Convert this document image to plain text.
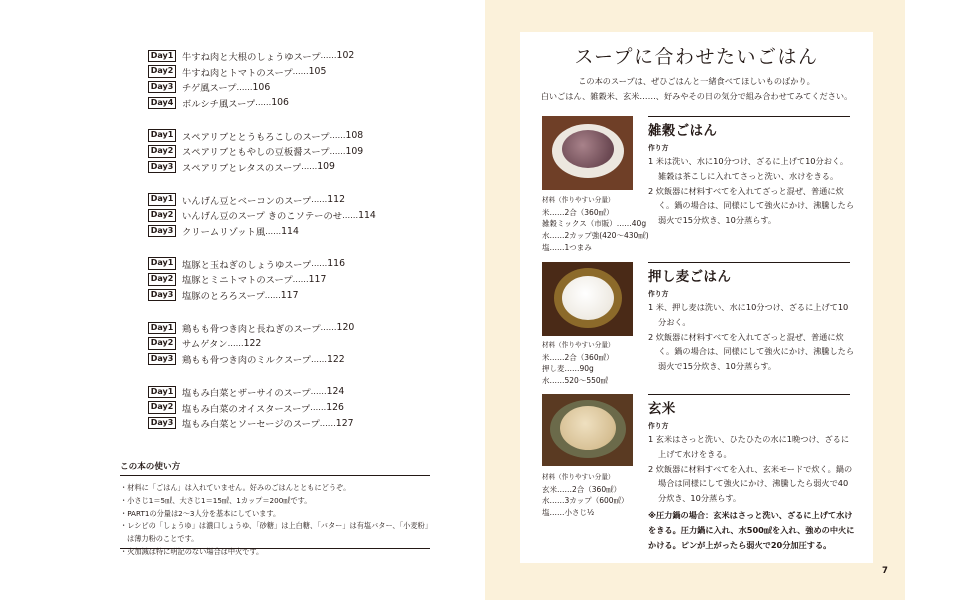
Day1 牛すね肉と大根のしょうゆスープ …… 102
Day2 牛すね肉とトマトのスープ …… 105
Day3 チゲ風スープ …… 106
Day4 ボルシチ風スープ …… 106
Day1 スペアリブととうもろこしのスープ …… 108
Day2 スペアリブともやしの豆板醤スープ …… 109
Day3 スペアリブとレタスのスープ …… 109
Day1 いんげん豆とベーコンのスープ …… 112
Day2 いんげん豆のスープ きのこソテーのせ …… 114
Day3 クリームリゾット風 …… 114
Day1 塩豚と玉ねぎのしょうゆスープ …… 116
Day2 塩豚とミニトマトのスープ …… 117
Day3 塩豚のとろろスープ …… 117
Day1 鶏もも骨つき肉と長ねぎのスープ …… 120
Day2 サムゲタン …… 122
Day3 鶏もも骨つき肉のミルクスープ …… 122
Day1 塩もみ白菜とザーサイのスープ …… 124
Day2 塩もみ白菜のオイスタースープ …… 126
Day3 塩もみ白菜とソーセージのスープ …… 127
この本の使い方
・材料に「ごはん」は入れていません。好みのごはんとともにどうぞ。
・小さじ1＝5㎖、大さじ1＝15㎖、1カップ＝200㎖です。
・PART1の分量は2〜3人分を基本にしています。
・レシピの「しょうゆ」は濃口しょうゆ、「砂糖」は上白糖、「バター」は有塩バター、「小麦粉」は薄力粉のことです。
・火加減は特に明記のない場合は中火です。
スープに合わせたいごはん
この本のスープは、ぜひごはんと一緒食べてほしいものばかり。
白いごはん、雑穀米、玄米……、好みやその日の気分で組み合わせてみてください。
雑穀ごはん
作り方
1 米は洗い、水に10分つけ、ざるに上げて10分おく。雑穀は茶こしに入れてさっと洗い、水けをきる。
2 炊飯器に材料すべてを入れてざっと混ぜ、普通に炊く。鍋の場合は、同様にして強火にかけ、沸騰したら弱火で15分炊き、10分蒸らす。
材料（作りやすい分量）
米……2合（360㎖）
雑穀ミックス（市販）……40g
水……2カップ強(420〜430㎖)
塩……1つまみ
押し麦ごはん
作り方
1 米、押し麦は洗い、水に10分つけ、ざるに上げて10分おく。
2 炊飯器に材料すべてを入れてざっと混ぜ、普通に炊く。鍋の場合は、同様にして強火にかけ、沸騰したら弱火で15分炊き、10分蒸らす。
材料（作りやすい分量）
米……2合（360㎖）
押し麦……90g
水……520〜550㎖
玄米
作り方
1 玄米はさっと洗い、ひたひたの水に1晩つけ、ざるに上げて水けをきる。
2 炊飯器に材料すべてを入れ、玄米モードで炊く。鍋の場合は同様にして強火にかけ、沸騰したら弱火で40分炊き、10分蒸らす。
※圧力鍋の場合：玄米はさっと洗い、ざるに上げて水けをきる。圧力鍋に入れ、水500㎖を入れ、強めの中火にかける。ピンが上がったら弱火で20分加圧する。
材料（作りやすい分量）
玄米……2合（360㎖）
水……3カップ（600㎖）
塩……小さじ½
7
